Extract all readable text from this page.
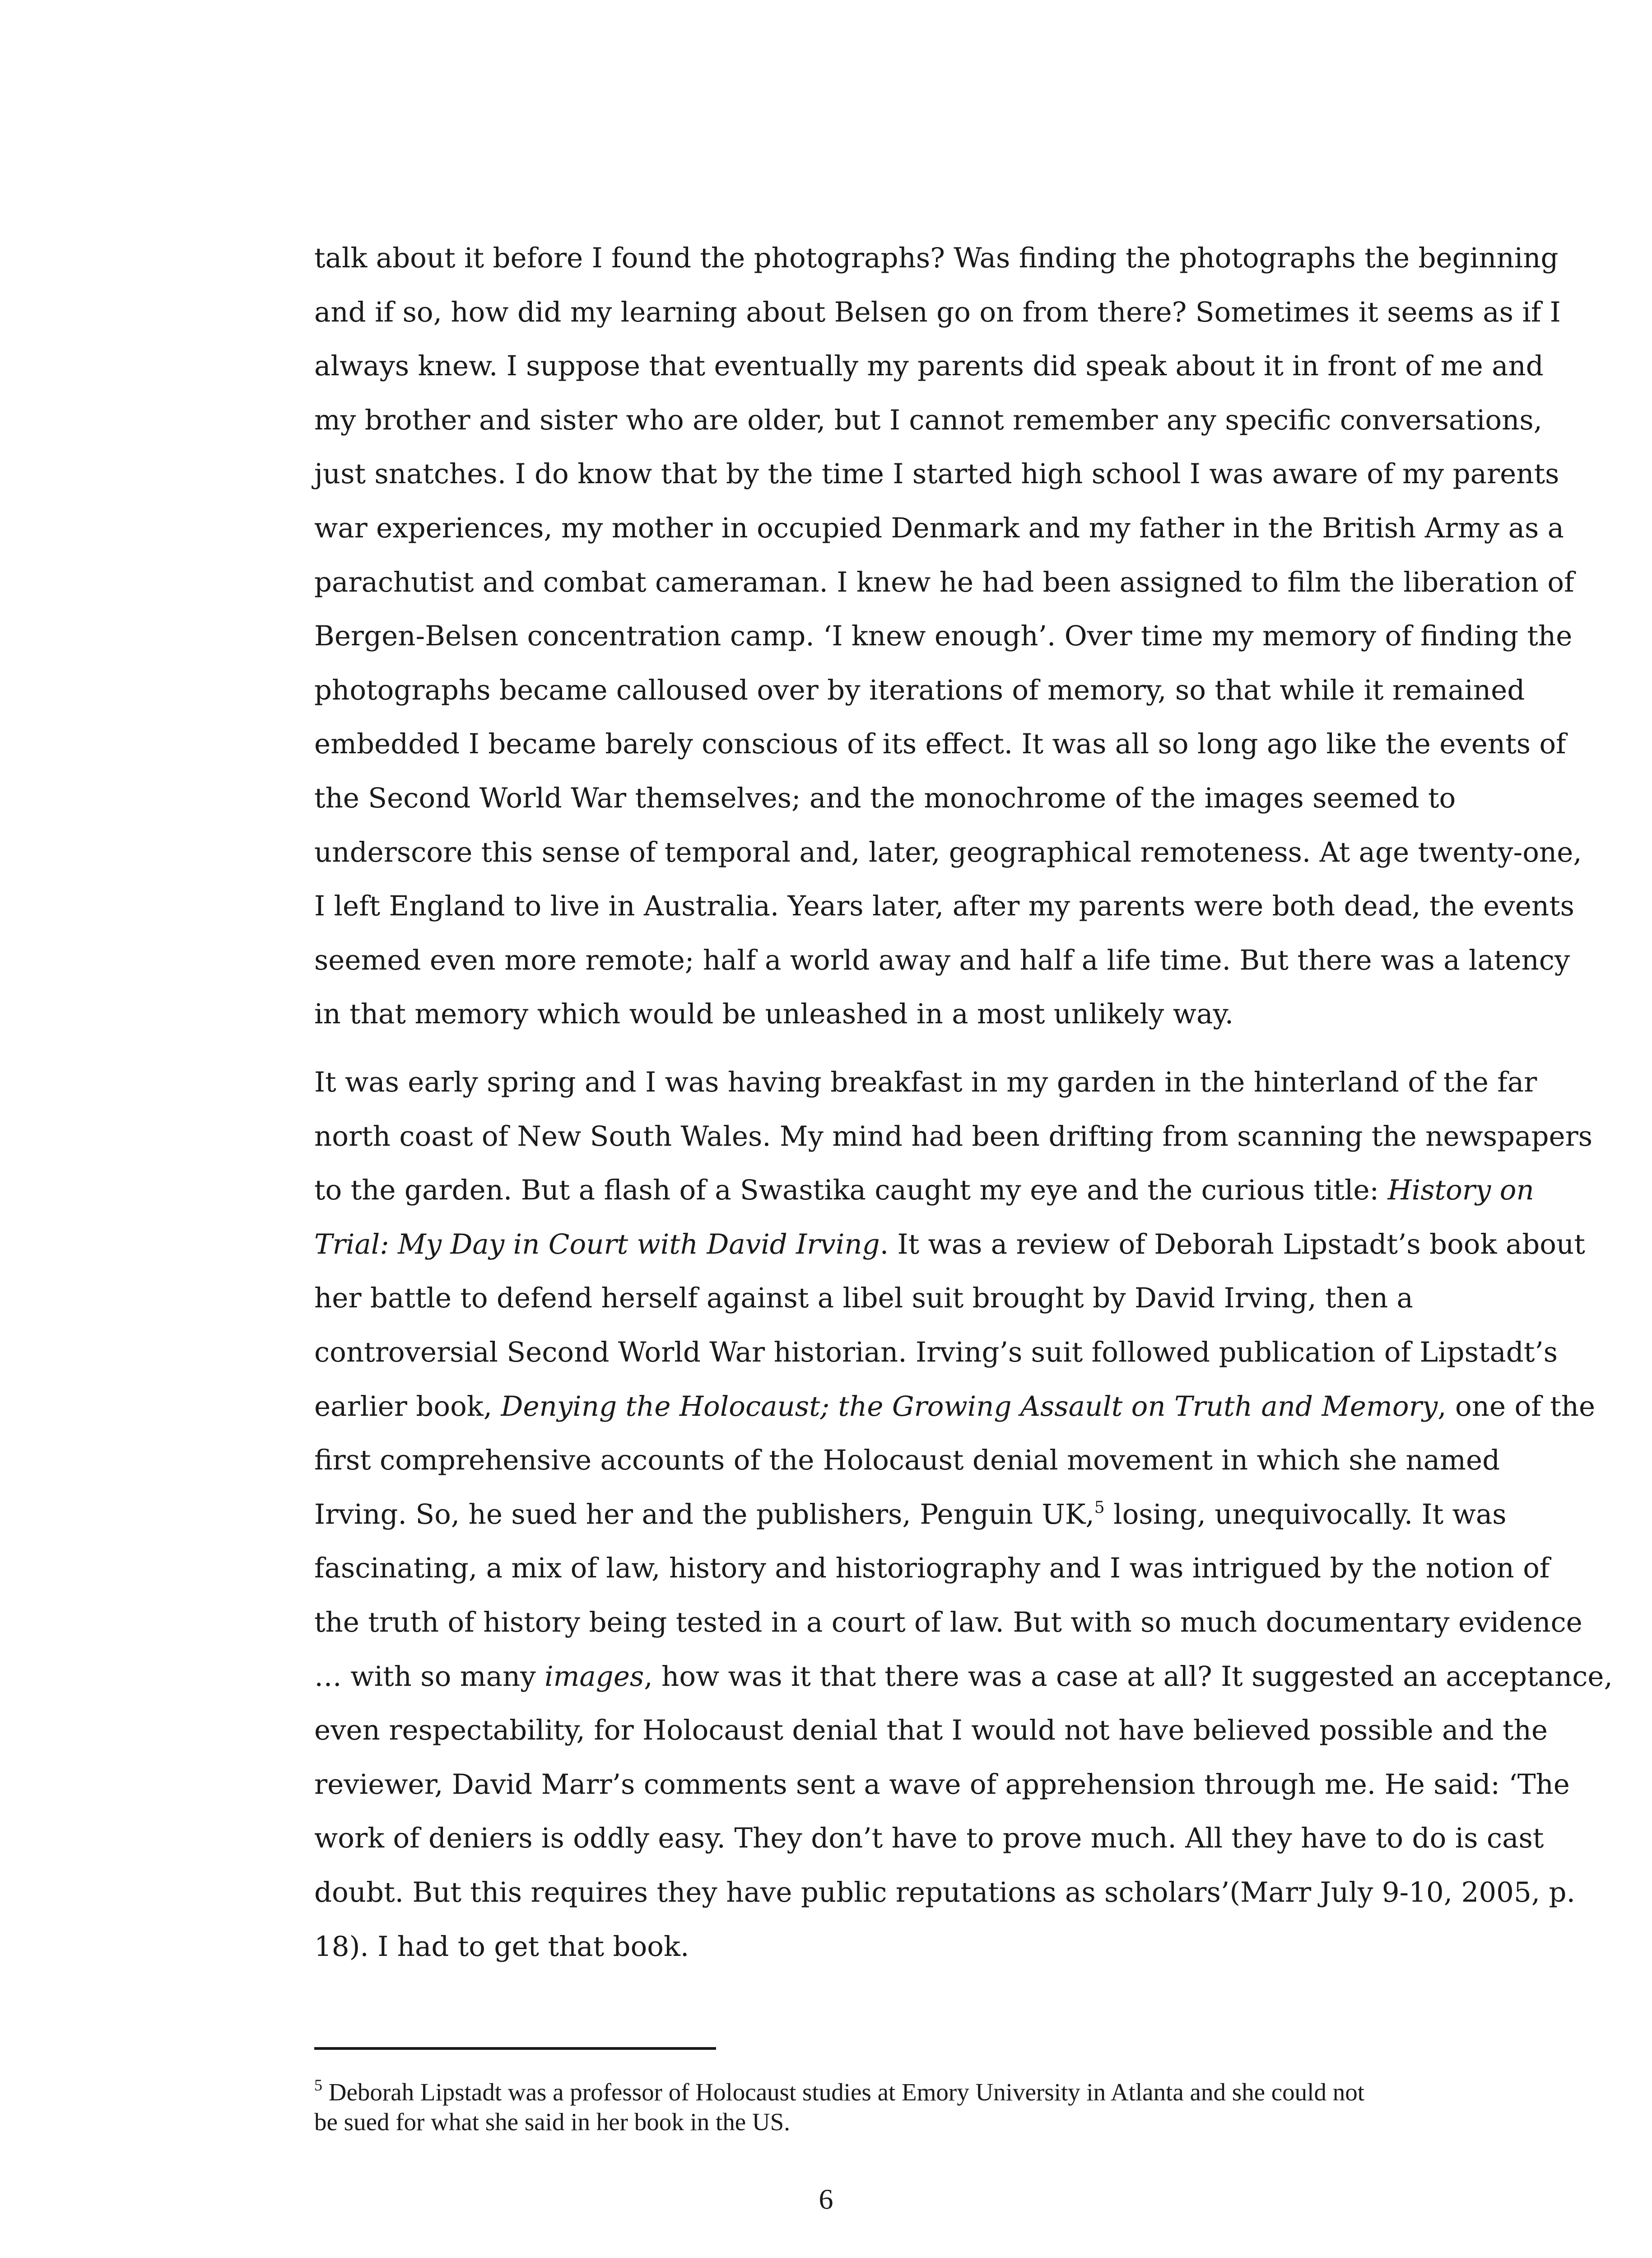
talk about it before I found the photographs? Was finding the photographs the beginning
and if so, how did my learning about Belsen go on from there? Sometimes it seems as if I
always knew. I suppose that eventually my parents did speak about it in front of me and
my brother and sister who are older, but I cannot remember any specific conversations,
just snatches. I do know that by the time I started high school I was aware of my parents
war experiences, my mother in occupied Denmark and my father in the British Army as a
parachutist and combat cameraman. I knew he had been assigned to film the liberation of
Bergen-Belsen concentration camp. ‘I knew enough’. Over time my memory of finding the
photographs became calloused over by iterations of memory, so that while it remained
embedded I became barely conscious of its effect. It was all so long ago like the events of
the Second World War themselves; and the monochrome of the images seemed to
underscore this sense of temporal and, later, geographical remoteness. At age twenty-one,
I left England to live in Australia. Years later, after my parents were both dead, the events
seemed even more remote; half a world away and half a life time. But there was a latency
in that memory which would be unleashed in a most unlikely way.
It was early spring and I was having breakfast in my garden in the hinterland of the far
north coast of New South Wales. My mind had been drifting from scanning the newspapers
to the garden. But a flash of a Swastika caught my eye and the curious title: History on
Trial: My Day in Court with David Irving. It was a review of Deborah Lipstadt’s book about
her battle to defend herself against a libel suit brought by David Irving, then a
controversial Second World War historian. Irving’s suit followed publication of Lipstadt’s
earlier book, Denying the Holocaust; the Growing Assault on Truth and Memory, one of the
first comprehensive accounts of the Holocaust denial movement in which she named
Irving. So, he sued her and the publishers, Penguin UK,$^5$ losing, unequivocally. It was
fascinating, a mix of law, history and historiography and I was intrigued by the notion of
the truth of history being tested in a court of law. But with so much documentary evidence
… with so many images, how was it that there was a case at all? It suggested an acceptance,
even respectability, for Holocaust denial that I would not have believed possible and the
reviewer, David Marr’s comments sent a wave of apprehension through me. He said: ‘The
work of deniers is oddly easy. They don’t have to prove much. All they have to do is cast
doubt. But this requires they have public reputations as scholars’(Marr July 9-10, 2005, p.
18). I had to get that book.
$^5$ Deborah Lipstadt was a professor of Holocaust studies at Emory University in Atlanta and she could not
be sued for what she said in her book in the US.
6
